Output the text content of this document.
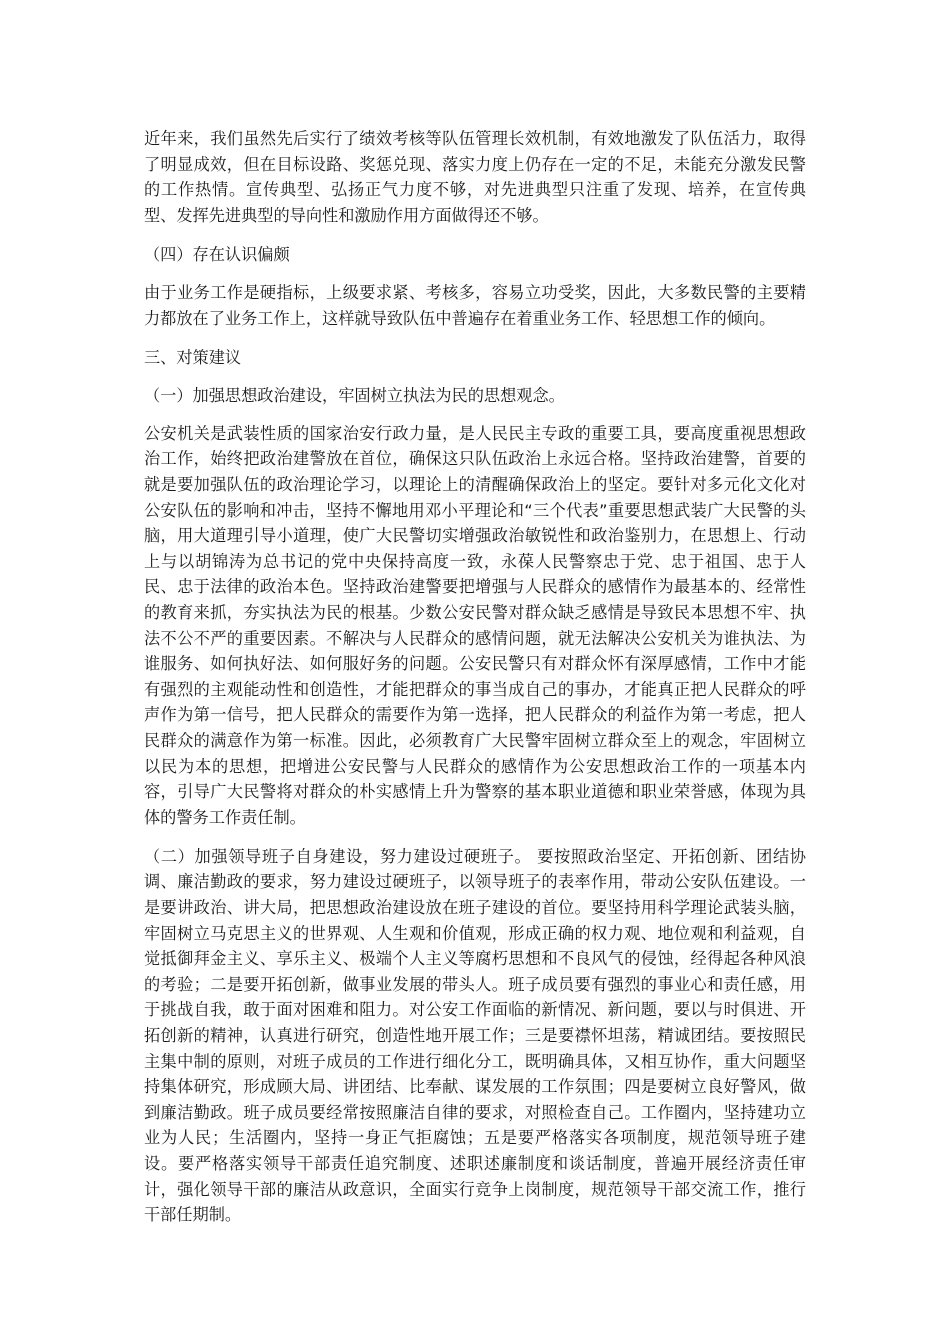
近年来，我们虽然先后实行了绩效考核等队伍管理长效机制，有效地激发了队伍活力，取得了明显成效，但在目标设路、奖惩兑现、落实力度上仍存在一定的不足，未能充分激发民警的工作热情。宣传典型、弘扬正气力度不够，对先进典型只注重了发现、培养，在宣传典型、发挥先进典型的导向性和激励作用方面做得还不够。

（四）存在认识偏颇

由于业务工作是硬指标，上级要求紧、考核多，容易立功受奖，因此，大多数民警的主要精力都放在了业务工作上，这样就导致队伍中普遍存在着重业务工作、轻思想工作的倾向。

三、对策建议

（一）加强思想政治建设，牢固树立执法为民的思想观念。

公安机关是武装性质的国家治安行政力量，是人民民主专政的重要工具，要高度重视思想政治工作，始终把政治建警放在首位，确保这只队伍政治上永远合格。坚持政治建警，首要的就是要加强队伍的政治理论学习，以理论上的清醒确保政治上的坚定。要针对多元化文化对公安队伍的影响和冲击，坚持不懈地用邓小平理论和“三个代表”重要思想武装广大民警的头脑，用大道理引导小道理，使广大民警切实增强政治敏锐性和政治鉴别力，在思想上、行动上与以胡锦涛为总书记的党中央保持高度一致，永葆人民警察忠于党、忠于祖国、忠于人民、忠于法律的政治本色。坚持政治建警要把增强与人民群众的感情作为最基本的、经常性的教育来抓，夯实执法为民的根基。少数公安民警对群众缺乏感情是导致民本思想不牢、执法不公不严的重要因素。不解决与人民群众的感情问题，就无法解决公安机关为谁执法、为谁服务、如何执好法、如何服好务的问题。公安民警只有对群众怀有深厚感情，工作中才能有强烈的主观能动性和创造性，才能把群众的事当成自己的事办，才能真正把人民群众的呼声作为第一信号，把人民群众的需要作为第一选择，把人民群众的利益作为第一考虑，把人民群众的满意作为第一标准。因此，必须教育广大民警牢固树立群众至上的观念，牢固树立以民为本的思想，把增进公安民警与人民群众的感情作为公安思想政治工作的一项基本内容，引导广大民警将对群众的朴实感情上升为警察的基本职业道德和职业荣誉感，体现为具体的警务工作责任制。

（二）加强领导班子自身建设，努力建设过硬班子。 要按照政治坚定、开拓创新、团结协调、廉洁勤政的要求，努力建设过硬班子，以领导班子的表率作用，带动公安队伍建设。一是要讲政治、讲大局，把思想政治建设放在班子建设的首位。要坚持用科学理论武装头脑，牢固树立马克思主义的世界观、人生观和价值观，形成正确的权力观、地位观和利益观，自觉抵御拜金主义、享乐主义、极端个人主义等腐朽思想和不良风气的侵蚀，经得起各种风浪的考验；二是要开拓创新，做事业发展的带头人。班子成员要有强烈的事业心和责任感，用于挑战自我，敢于面对困难和阻力。对公安工作面临的新情况、新问题，要以与时俱进、开拓创新的精神，认真进行研究，创造性地开展工作；三是要襟怀坦荡，精诚团结。要按照民主集中制的原则，对班子成员的工作进行细化分工，既明确具体，又相互协作，重大问题坚持集体研究，形成顾大局、讲团结、比奉献、谋发展的工作氛围；四是要树立良好警风，做到廉洁勤政。班子成员要经常按照廉洁自律的要求，对照检查自己。工作圈内，坚持建功立业为人民；生活圈内，坚持一身正气拒腐蚀；五是要严格落实各项制度，规范领导班子建设。要严格落实领导干部责任追究制度、述职述廉制度和谈话制度，普遍开展经济责任审计，强化领导干部的廉洁从政意识，全面实行竞争上岗制度，规范领导干部交流工作，推行干部任期制。
